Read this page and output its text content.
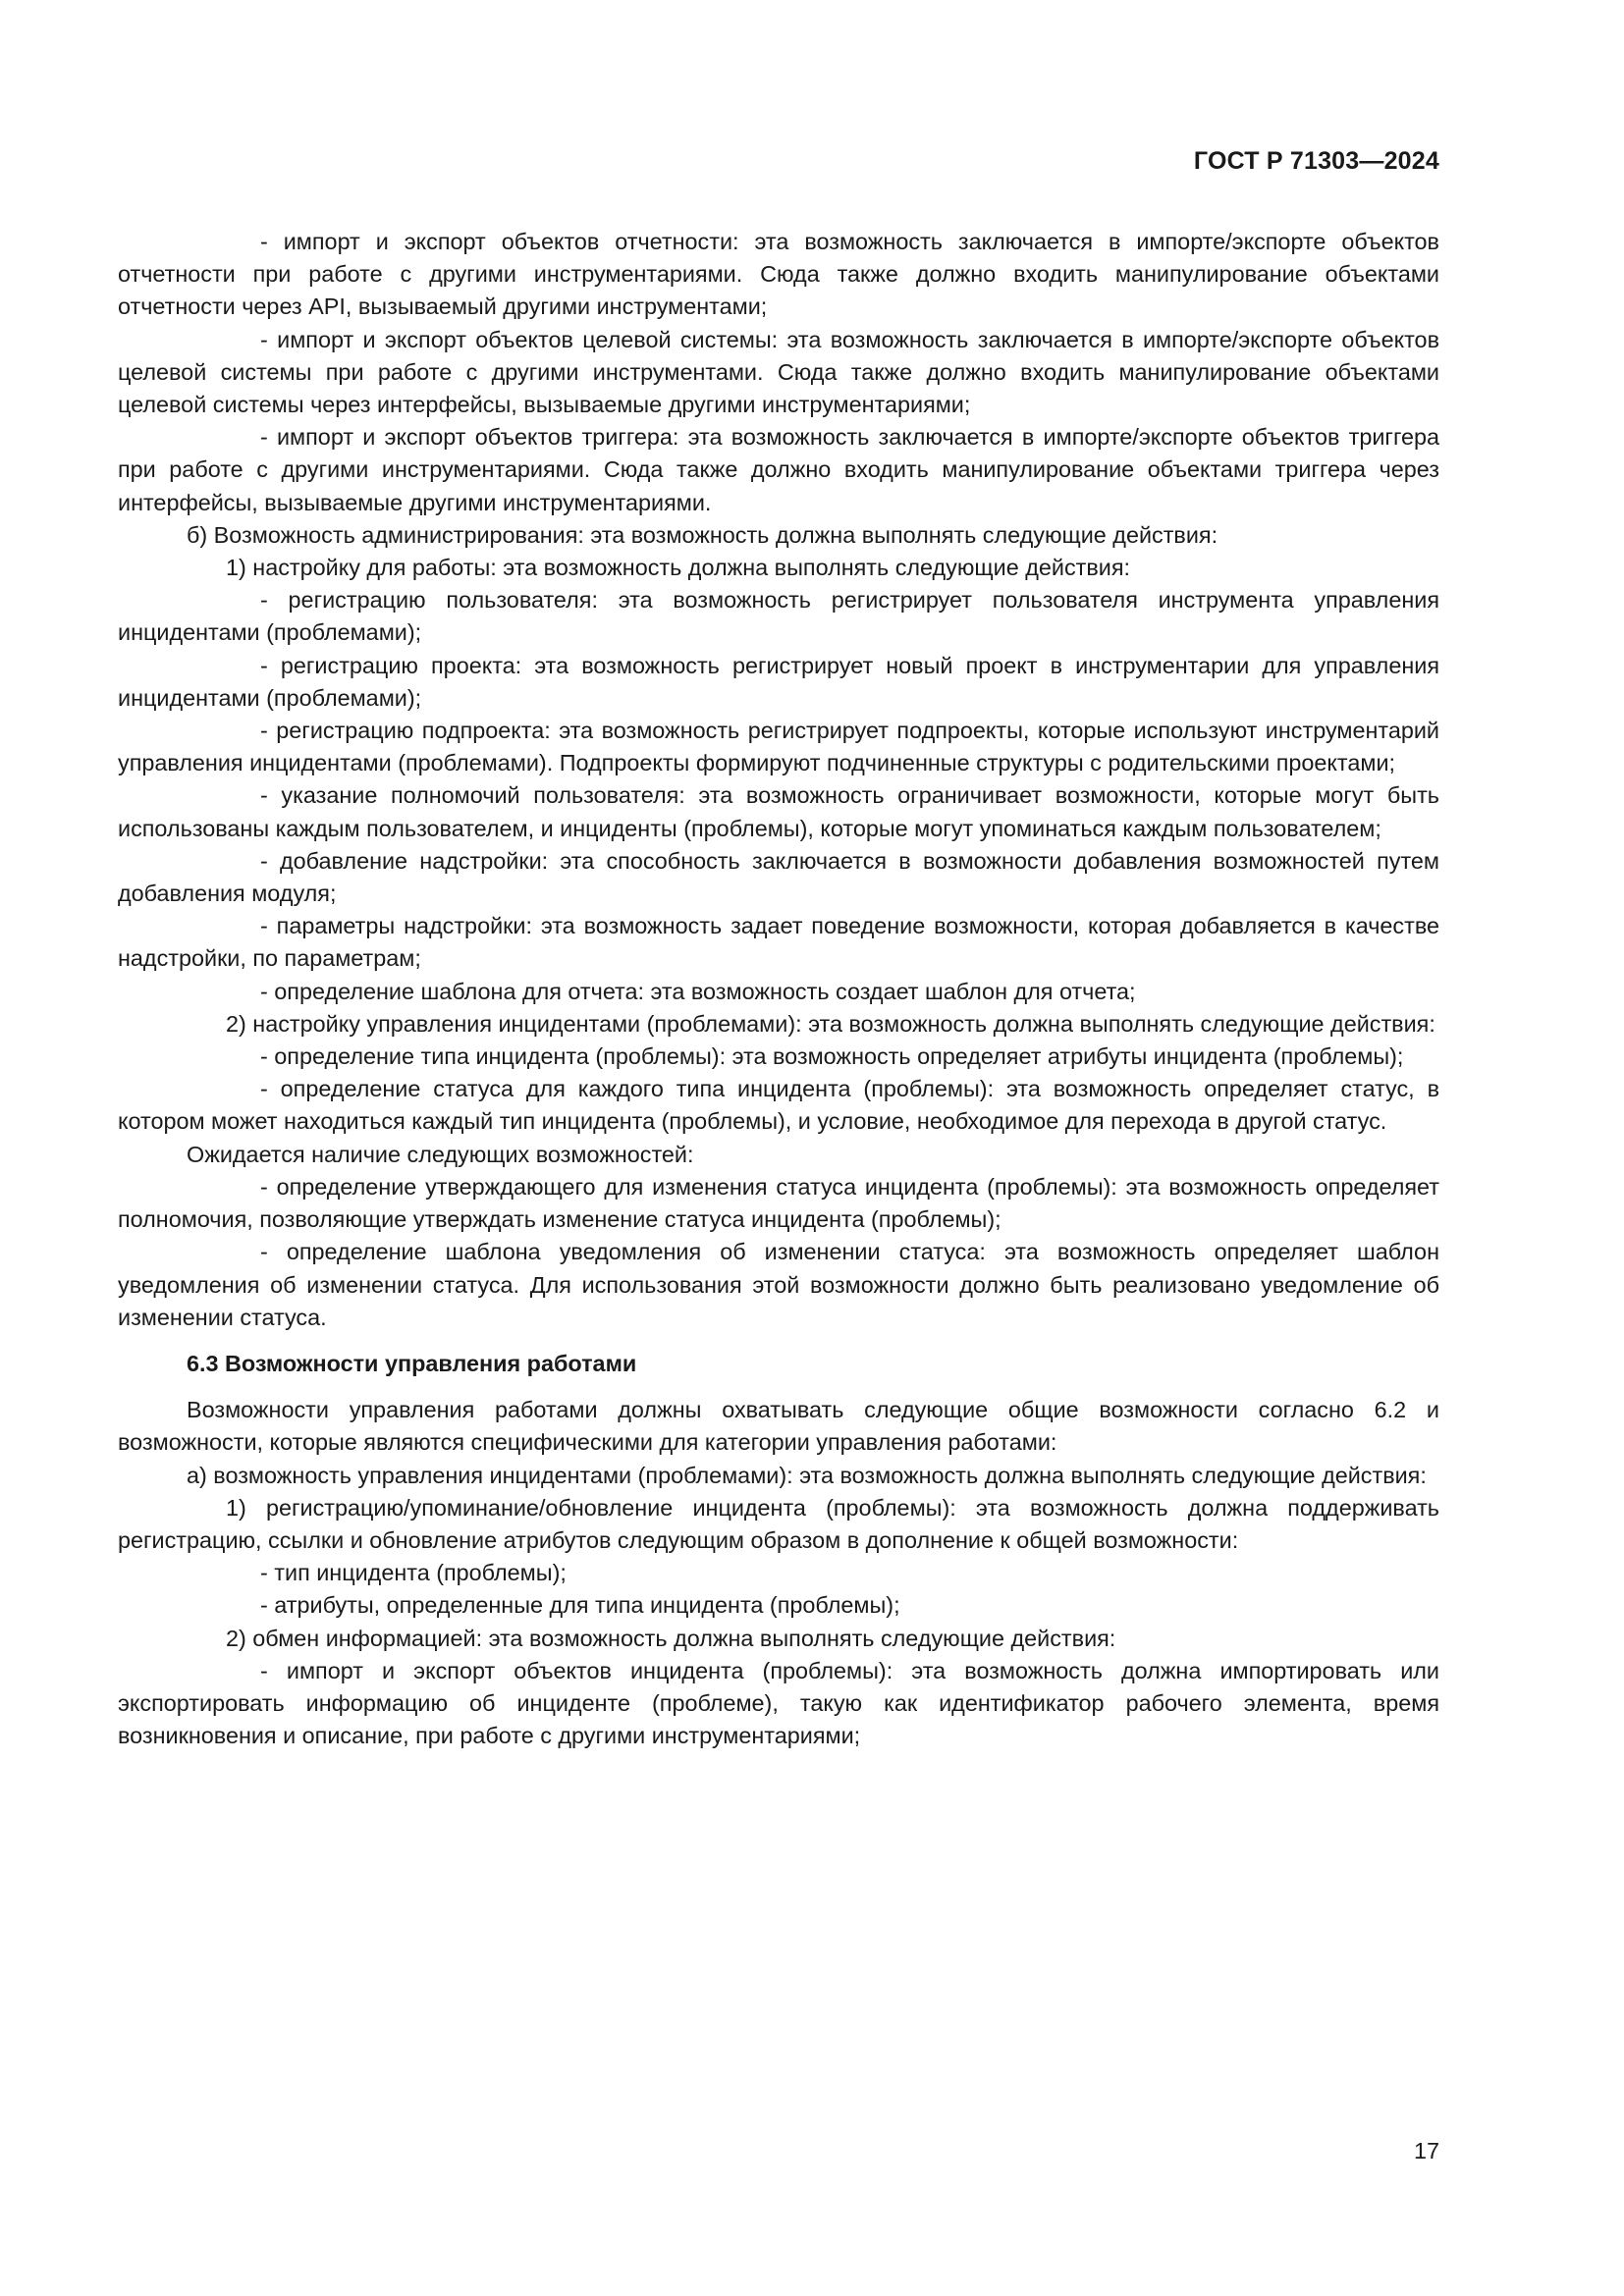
ГОСТ Р 71303—2024

- импорт и экспорт объектов отчетности: эта возможность заключается в импорте/экспорте объектов отчетности при работе с другими инструментариями. Сюда также должно входить манипулирование объектами отчетности через API, вызываемый другими инструментами;

- импорт и экспорт объектов целевой системы: эта возможность заключается в импорте/экспорте объектов целевой системы при работе с другими инструментами. Сюда также должно входить манипулирование объектами целевой системы через интерфейсы, вызываемые другими инструментариями;

- импорт и экспорт объектов триггера: эта возможность заключается в импорте/экспорте объектов триггера при работе с другими инструментариями. Сюда также должно входить манипулирование объектами триггера через интерфейсы, вызываемые другими инструментариями.

б) Возможность администрирования: эта возможность должна выполнять следующие действия:

1) настройку для работы: эта возможность должна выполнять следующие действия:

- регистрацию пользователя: эта возможность регистрирует пользователя инструмента управления инцидентами (проблемами);

- регистрацию проекта: эта возможность регистрирует новый проект в инструментарии для управления инцидентами (проблемами);

- регистрацию подпроекта: эта возможность регистрирует подпроекты, которые используют инструментарий управления инцидентами (проблемами). Подпроекты формируют подчиненные структуры с родительскими проектами;

- указание полномочий пользователя: эта возможность ограничивает возможности, которые могут быть использованы каждым пользователем, и инциденты (проблемы), которые могут упоминаться каждым пользователем;

- добавление надстройки: эта способность заключается в возможности добавления возможностей путем добавления модуля;

- параметры надстройки: эта возможность задает поведение возможности, которая добавляется в качестве надстройки, по параметрам;

- определение шаблона для отчета: эта возможность создает шаблон для отчета;

2) настройку управления инцидентами (проблемами): эта возможность должна выполнять следующие действия:

- определение типа инцидента (проблемы): эта возможность определяет атрибуты инцидента (проблемы);

- определение статуса для каждого типа инцидента (проблемы): эта возможность определяет статус, в котором может находиться каждый тип инцидента (проблемы), и условие, необходимое для перехода в другой статус.

Ожидается наличие следующих возможностей:

- определение утверждающего для изменения статуса инцидента (проблемы): эта возможность определяет полномочия, позволяющие утверждать изменение статуса инцидента (проблемы);

- определение шаблона уведомления об изменении статуса: эта возможность определяет шаблон уведомления об изменении статуса. Для использования этой возможности должно быть реализовано уведомление об изменении статуса.

6.3 Возможности управления работами

Возможности управления работами должны охватывать следующие общие возможности согласно 6.2 и возможности, которые являются специфическими для категории управления работами:

а) возможность управления инцидентами (проблемами): эта возможность должна выполнять следующие действия:

1) регистрацию/упоминание/обновление инцидента (проблемы): эта возможность должна поддерживать регистрацию, ссылки и обновление атрибутов следующим образом в дополнение к общей возможности:

- тип инцидента (проблемы);

- атрибуты, определенные для типа инцидента (проблемы);

2) обмен информацией: эта возможность должна выполнять следующие действия:

- импорт и экспорт объектов инцидента (проблемы): эта возможность должна импортировать или экспортировать информацию об инциденте (проблеме), такую как идентификатор рабочего элемента, время возникновения и описание, при работе с другими инструментариями;

17
